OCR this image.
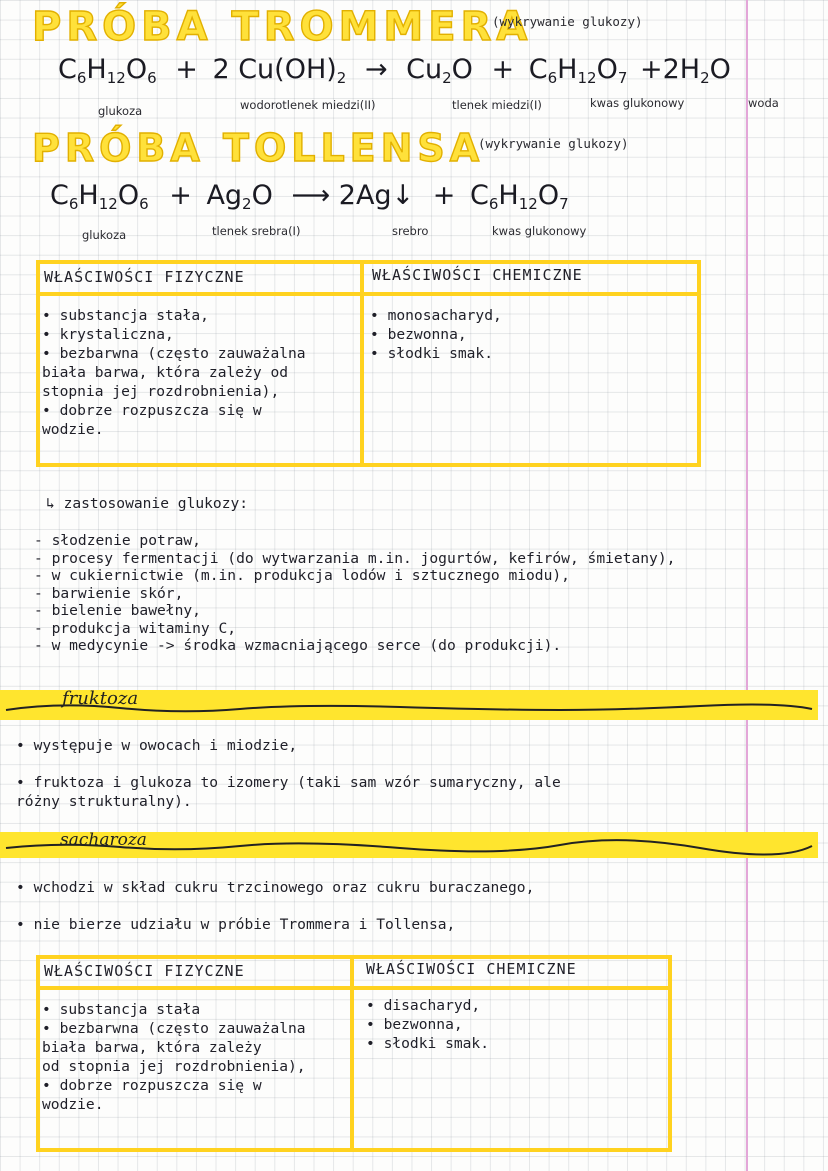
PRÓBA TROMMERA
(wykrywanie glukozy)
$C_6H_{12}O_6 + 2$ $Cu(OH)_2 \to Cu_2O + C_6H_{12}O_7 +2H_2O$
glukoza	wodorotlenek miedzi(II)	tlenek miedzi(I)	kwas glukonowy	woda
PRÓBA TOLLENSA
(wykrywanie glukozy)
$C_6H_{12}O_6 + Ag_2O$ ⟶ 2Ag↓ + $C_6H_{12}O_7$
glukoza	tlenek srebra(I)	srebro	kwas glukonowy
WŁAŚCIWOŚCI FIZYCZNE	WŁAŚCIWOŚCI CHEMICZNE
• substancja stała,
• krystaliczna,
• bezbarwna (często zauważalna
biała barwa, która zależy od
stopnia jej rozdrobnienia),
• dobrze rozpuszcza się w
wodzie.
• monosacharyd,
• bezwonna,
• słodki smak.
↳ zastosowanie glukozy:
- słodzenie potraw,
- procesy fermentacji (do wytwarzania m.in. jogurtów, kefirów, śmietany),
- w cukiernictwie (m.in. produkcja lodów i sztucznego miodu),
- barwienie skór,
- bielenie bawełny,
- produkcja witaminy C,
- w medycynie -> środka wzmacniającego serce (do produkcji).
fruktoza
• występuje w owocach i miodzie,
• fruktoza i glukoza to izomery (taki sam wzór sumaryczny, ale
różny strukturalny).
sacharoza
• wchodzi w skład cukru trzcinowego oraz cukru buraczanego,
• nie bierze udziału w próbie Trommera i Tollensa,
WŁAŚCIWOŚCI FIZYCZNE	WŁAŚCIWOŚCI CHEMICZNE
• substancja stała
• bezbarwna (często zauważalna
biała barwa, która zależy
od stopnia jej rozdrobnienia),
• dobrze rozpuszcza się w
wodzie.
• disacharyd,
• bezwonna,
• słodki smak.
